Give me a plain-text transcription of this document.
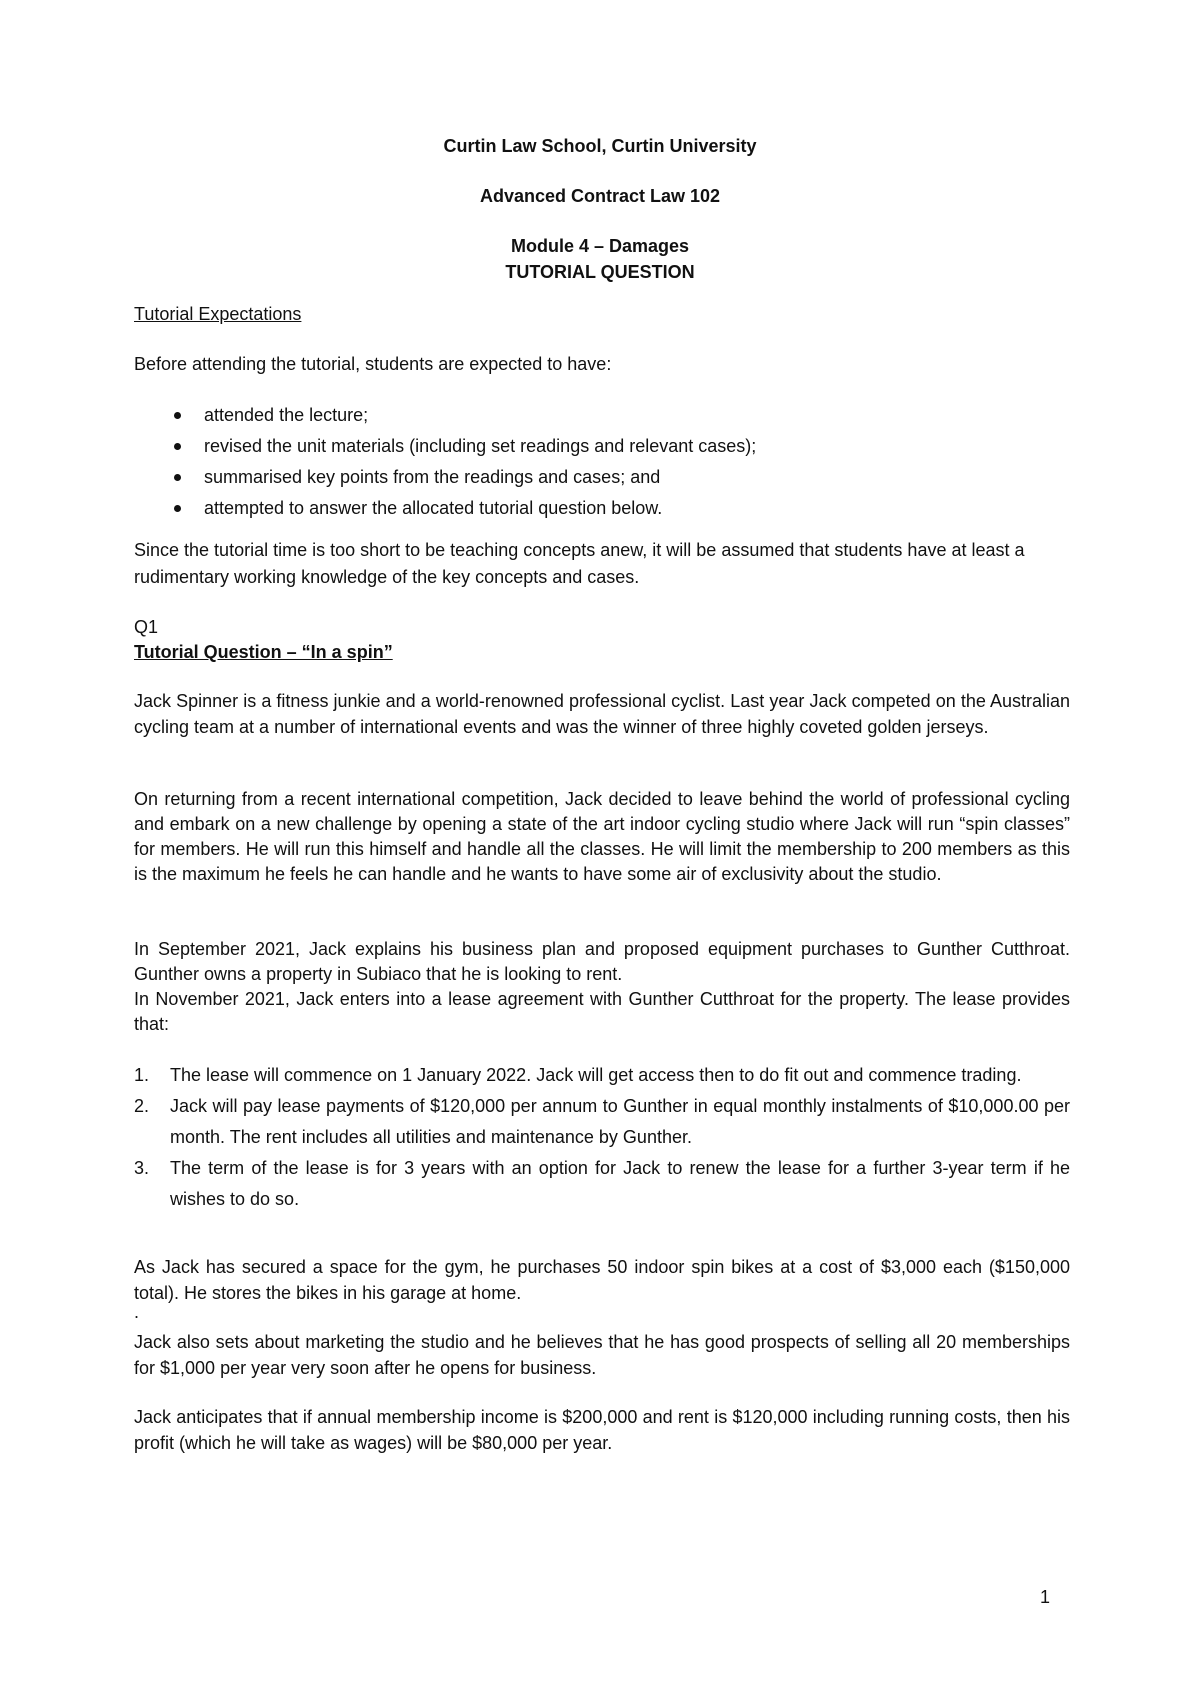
Curtin Law School, Curtin University

Advanced Contract Law 102

Module 4 – Damages

TUTORIAL QUESTION

Tutorial Expectations

Before attending the tutorial, students are expected to have:

attended the lecture;
revised the unit materials (including set readings and relevant cases);
summarised key points from the readings and cases; and
attempted to answer the allocated tutorial question below.

Since the tutorial time is too short to be teaching concepts anew, it will be assumed that students have at least a rudimentary working knowledge of the key concepts and cases.

Q1

Tutorial Question – “In a spin”

Jack Spinner is a fitness junkie and a world-renowned professional cyclist. Last year Jack competed on the Australian cycling team at a number of international events and was the winner of three highly coveted golden jerseys.

On returning from a recent international competition, Jack decided to leave behind the world of professional cycling and embark on a new challenge by opening a state of the art indoor cycling studio where Jack will run “spin classes” for members. He will run this himself and handle all the classes. He will limit the membership to 200 members as this is the maximum he feels he can handle and he wants to have some air of exclusivity about the studio.

In September 2021, Jack explains his business plan and proposed equipment purchases to Gunther Cutthroat. Gunther owns a property in Subiaco that he is looking to rent.

In November 2021, Jack enters into a lease agreement with Gunther Cutthroat for the property. The lease provides that:

1. The lease will commence on 1 January 2022. Jack will get access then to do fit out and commence trading.
2. Jack will pay lease payments of $120,000 per annum to Gunther in equal monthly instalments of $10,000.00 per month. The rent includes all utilities and maintenance by Gunther.
3. The term of the lease is for 3 years with an option for Jack to renew the lease for a further 3-year term if he wishes to do so.

As Jack has secured a space for the gym, he purchases 50 indoor spin bikes at a cost of $3,000 each ($150,000 total). He stores the bikes in his garage at home.

.

Jack also sets about marketing the studio and he believes that he has good prospects of selling all 20 memberships for $1,000 per year very soon after he opens for business.

Jack anticipates that if annual membership income is $200,000 and rent is $120,000 including running costs, then his profit (which he will take as wages) will be $80,000 per year.

1
